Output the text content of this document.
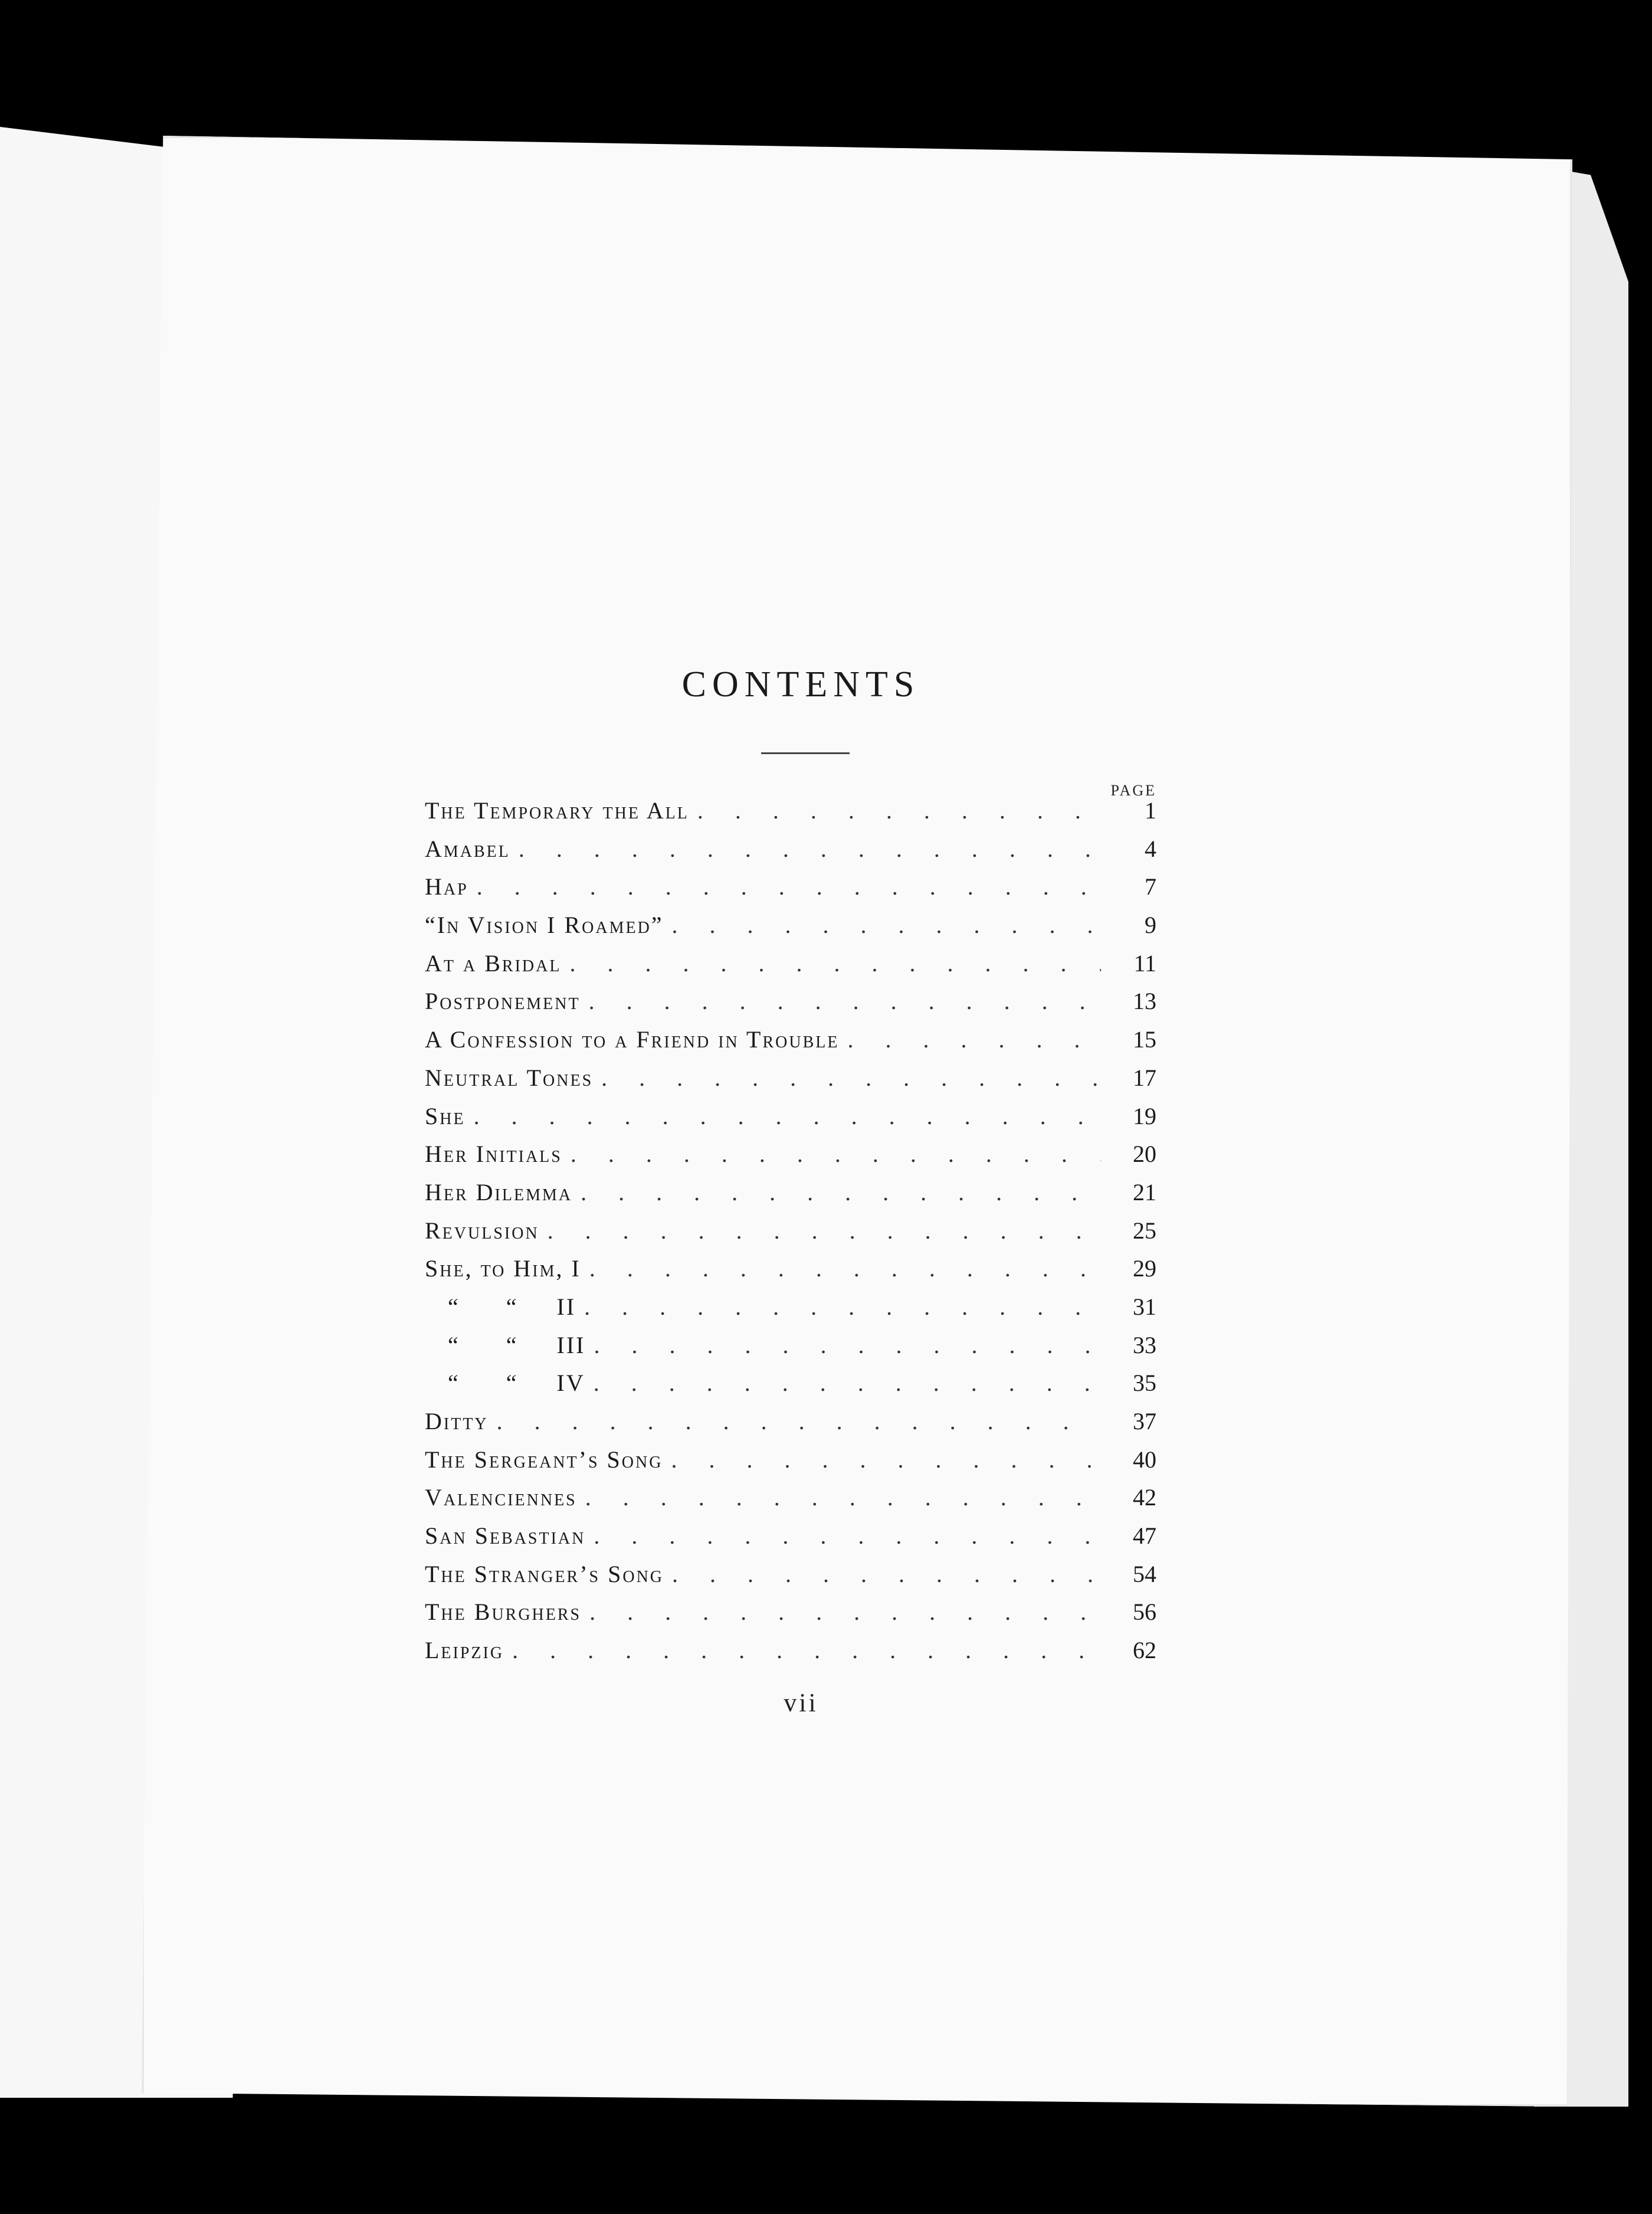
CONTENTS
PAGE
The Temporary the All . . .	1
Amabel . . .	4
Hap . . .	7
“In Vision I Roamed” . . .	9
At a Bridal . . .	11
Postponement . . .	13
A Confession to a Friend in Trouble . . .	15
Neutral Tones . . .	17
She . . .	19
Her Initials . . .	20
Her Dilemma . . .	21
Revulsion . . .	25
She, to Him, I . . .	29
“      “     II . . .	31
“      “     III . . .	33
“      “     IV . . .	35
Ditty . . .	37
The Sergeant’s Song . . .	40
Valenciennes . . .	42
San Sebastian . . .	47
The Stranger’s Song . . .	54
The Burghers . . .	56
Leipzig . . .	62
vii
